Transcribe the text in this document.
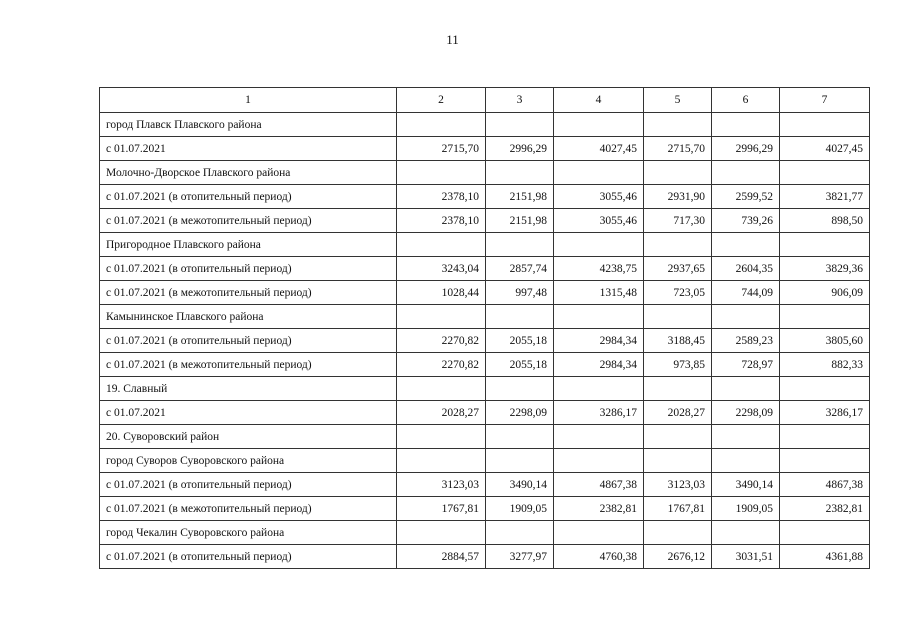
11
1	2	3	4	5	6	7
город Плавск Плавского района						
с 01.07.2021	2715,70	2996,29	4027,45	2715,70	2996,29	4027,45
Молочно-Дворское Плавского района						
с 01.07.2021 (в отопительный период)	2378,10	2151,98	3055,46	2931,90	2599,52	3821,77
с 01.07.2021 (в межотопительный период)	2378,10	2151,98	3055,46	717,30	739,26	898,50
Пригородное Плавского района						
с 01.07.2021 (в отопительный период)	3243,04	2857,74	4238,75	2937,65	2604,35	3829,36
с 01.07.2021 (в межотопительный период)	1028,44	997,48	1315,48	723,05	744,09	906,09
Камынинское Плавского района						
с 01.07.2021 (в отопительный период)	2270,82	2055,18	2984,34	3188,45	2589,23	3805,60
с 01.07.2021 (в межотопительный период)	2270,82	2055,18	2984,34	973,85	728,97	882,33
19. Славный						
с 01.07.2021	2028,27	2298,09	3286,17	2028,27	2298,09	3286,17
20. Суворовский район						
город Суворов Суворовского района						
с 01.07.2021 (в отопительный период)	3123,03	3490,14	4867,38	3123,03	3490,14	4867,38
с 01.07.2021 (в межотопительный период)	1767,81	1909,05	2382,81	1767,81	1909,05	2382,81
город Чекалин Суворовского района						
с 01.07.2021 (в отопительный период)	2884,57	3277,97	4760,38	2676,12	3031,51	4361,88
